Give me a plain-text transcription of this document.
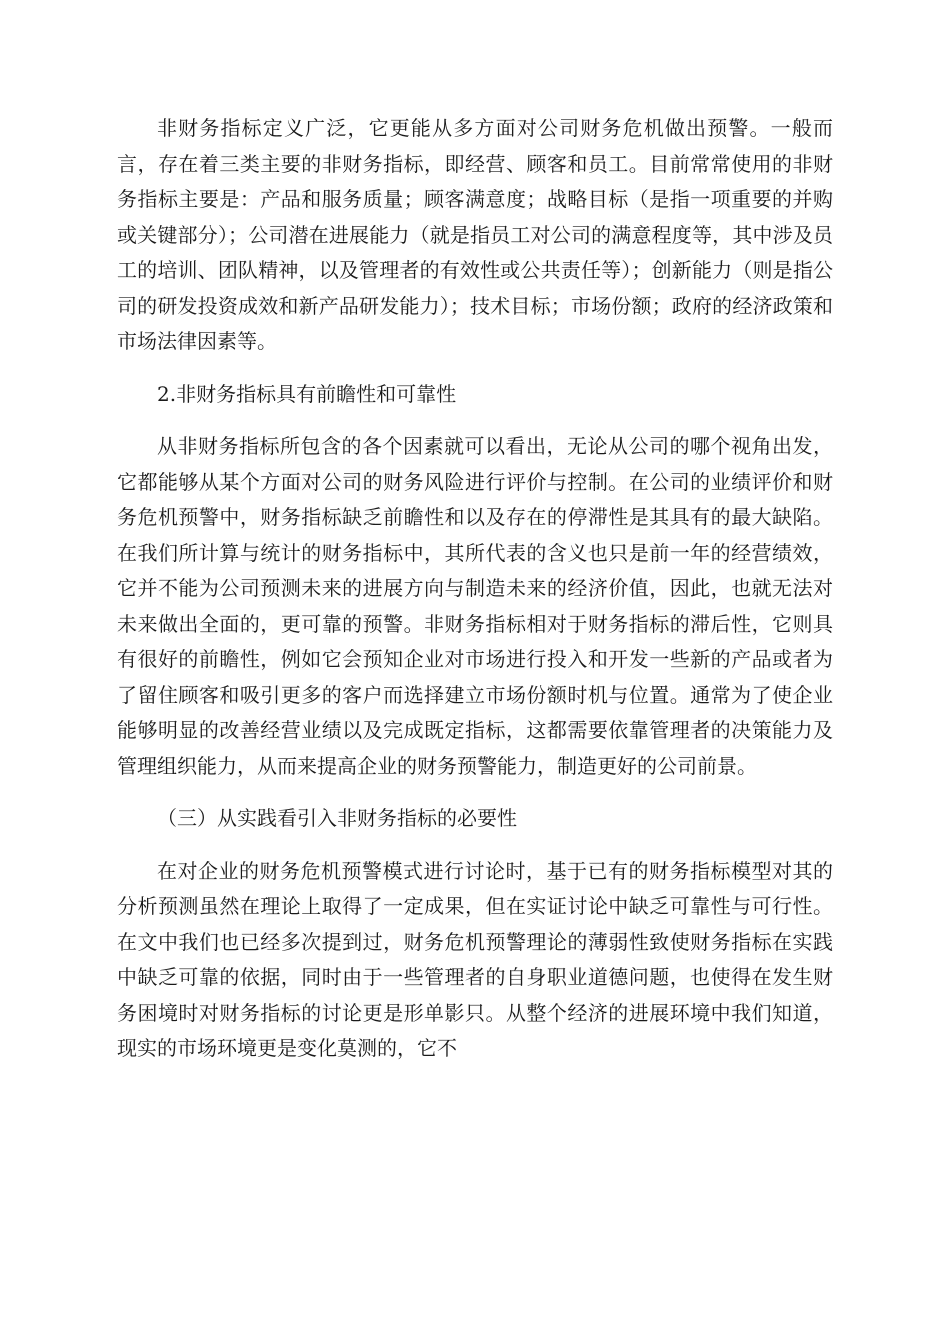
非财务指标定义广泛，它更能从多方面对公司财务危机做出预警。一般而言，存在着三类主要的非财务指标，即经营、顾客和员工。目前常常使用的非财务指标主要是：产品和服务质量；顾客满意度；战略目标（是指一项重要的并购或关键部分）；公司潜在进展能力（就是指员工对公司的满意程度等，其中涉及员工的培训、团队精神，以及管理者的有效性或公共责任等）；创新能力（则是指公司的研发投资成效和新产品研发能力）；技术目标；市场份额；政府的经济政策和市场法律因素等。

2.非财务指标具有前瞻性和可靠性

从非财务指标所包含的各个因素就可以看出，无论从公司的哪个视角出发，它都能够从某个方面对公司的财务风险进行评价与控制。在公司的业绩评价和财务危机预警中，财务指标缺乏前瞻性和以及存在的停滞性是其具有的最大缺陷。在我们所计算与统计的财务指标中，其所代表的含义也只是前一年的经营绩效，它并不能为公司预测未来的进展方向与制造未来的经济价值，因此，也就无法对未来做出全面的，更可靠的预警。非财务指标相对于财务指标的滞后性，它则具有很好的前瞻性，例如它会预知企业对市场进行投入和开发一些新的产品或者为了留住顾客和吸引更多的客户而选择建立市场份额时机与位置。通常为了使企业能够明显的改善经营业绩以及完成既定指标，这都需要依靠管理者的决策能力及管理组织能力，从而来提高企业的财务预警能力，制造更好的公司前景。

（三）从实践看引入非财务指标的必要性

在对企业的财务危机预警模式进行讨论时，基于已有的财务指标模型对其的分析预测虽然在理论上取得了一定成果，但在实证讨论中缺乏可靠性与可行性。在文中我们也已经多次提到过，财务危机预警理论的薄弱性致使财务指标在实践中缺乏可靠的依据，同时由于一些管理者的自身职业道德问题，也使得在发生财务困境时对财务指标的讨论更是形单影只。从整个经济的进展环境中我们知道，现实的市场环境更是变化莫测的，它不
